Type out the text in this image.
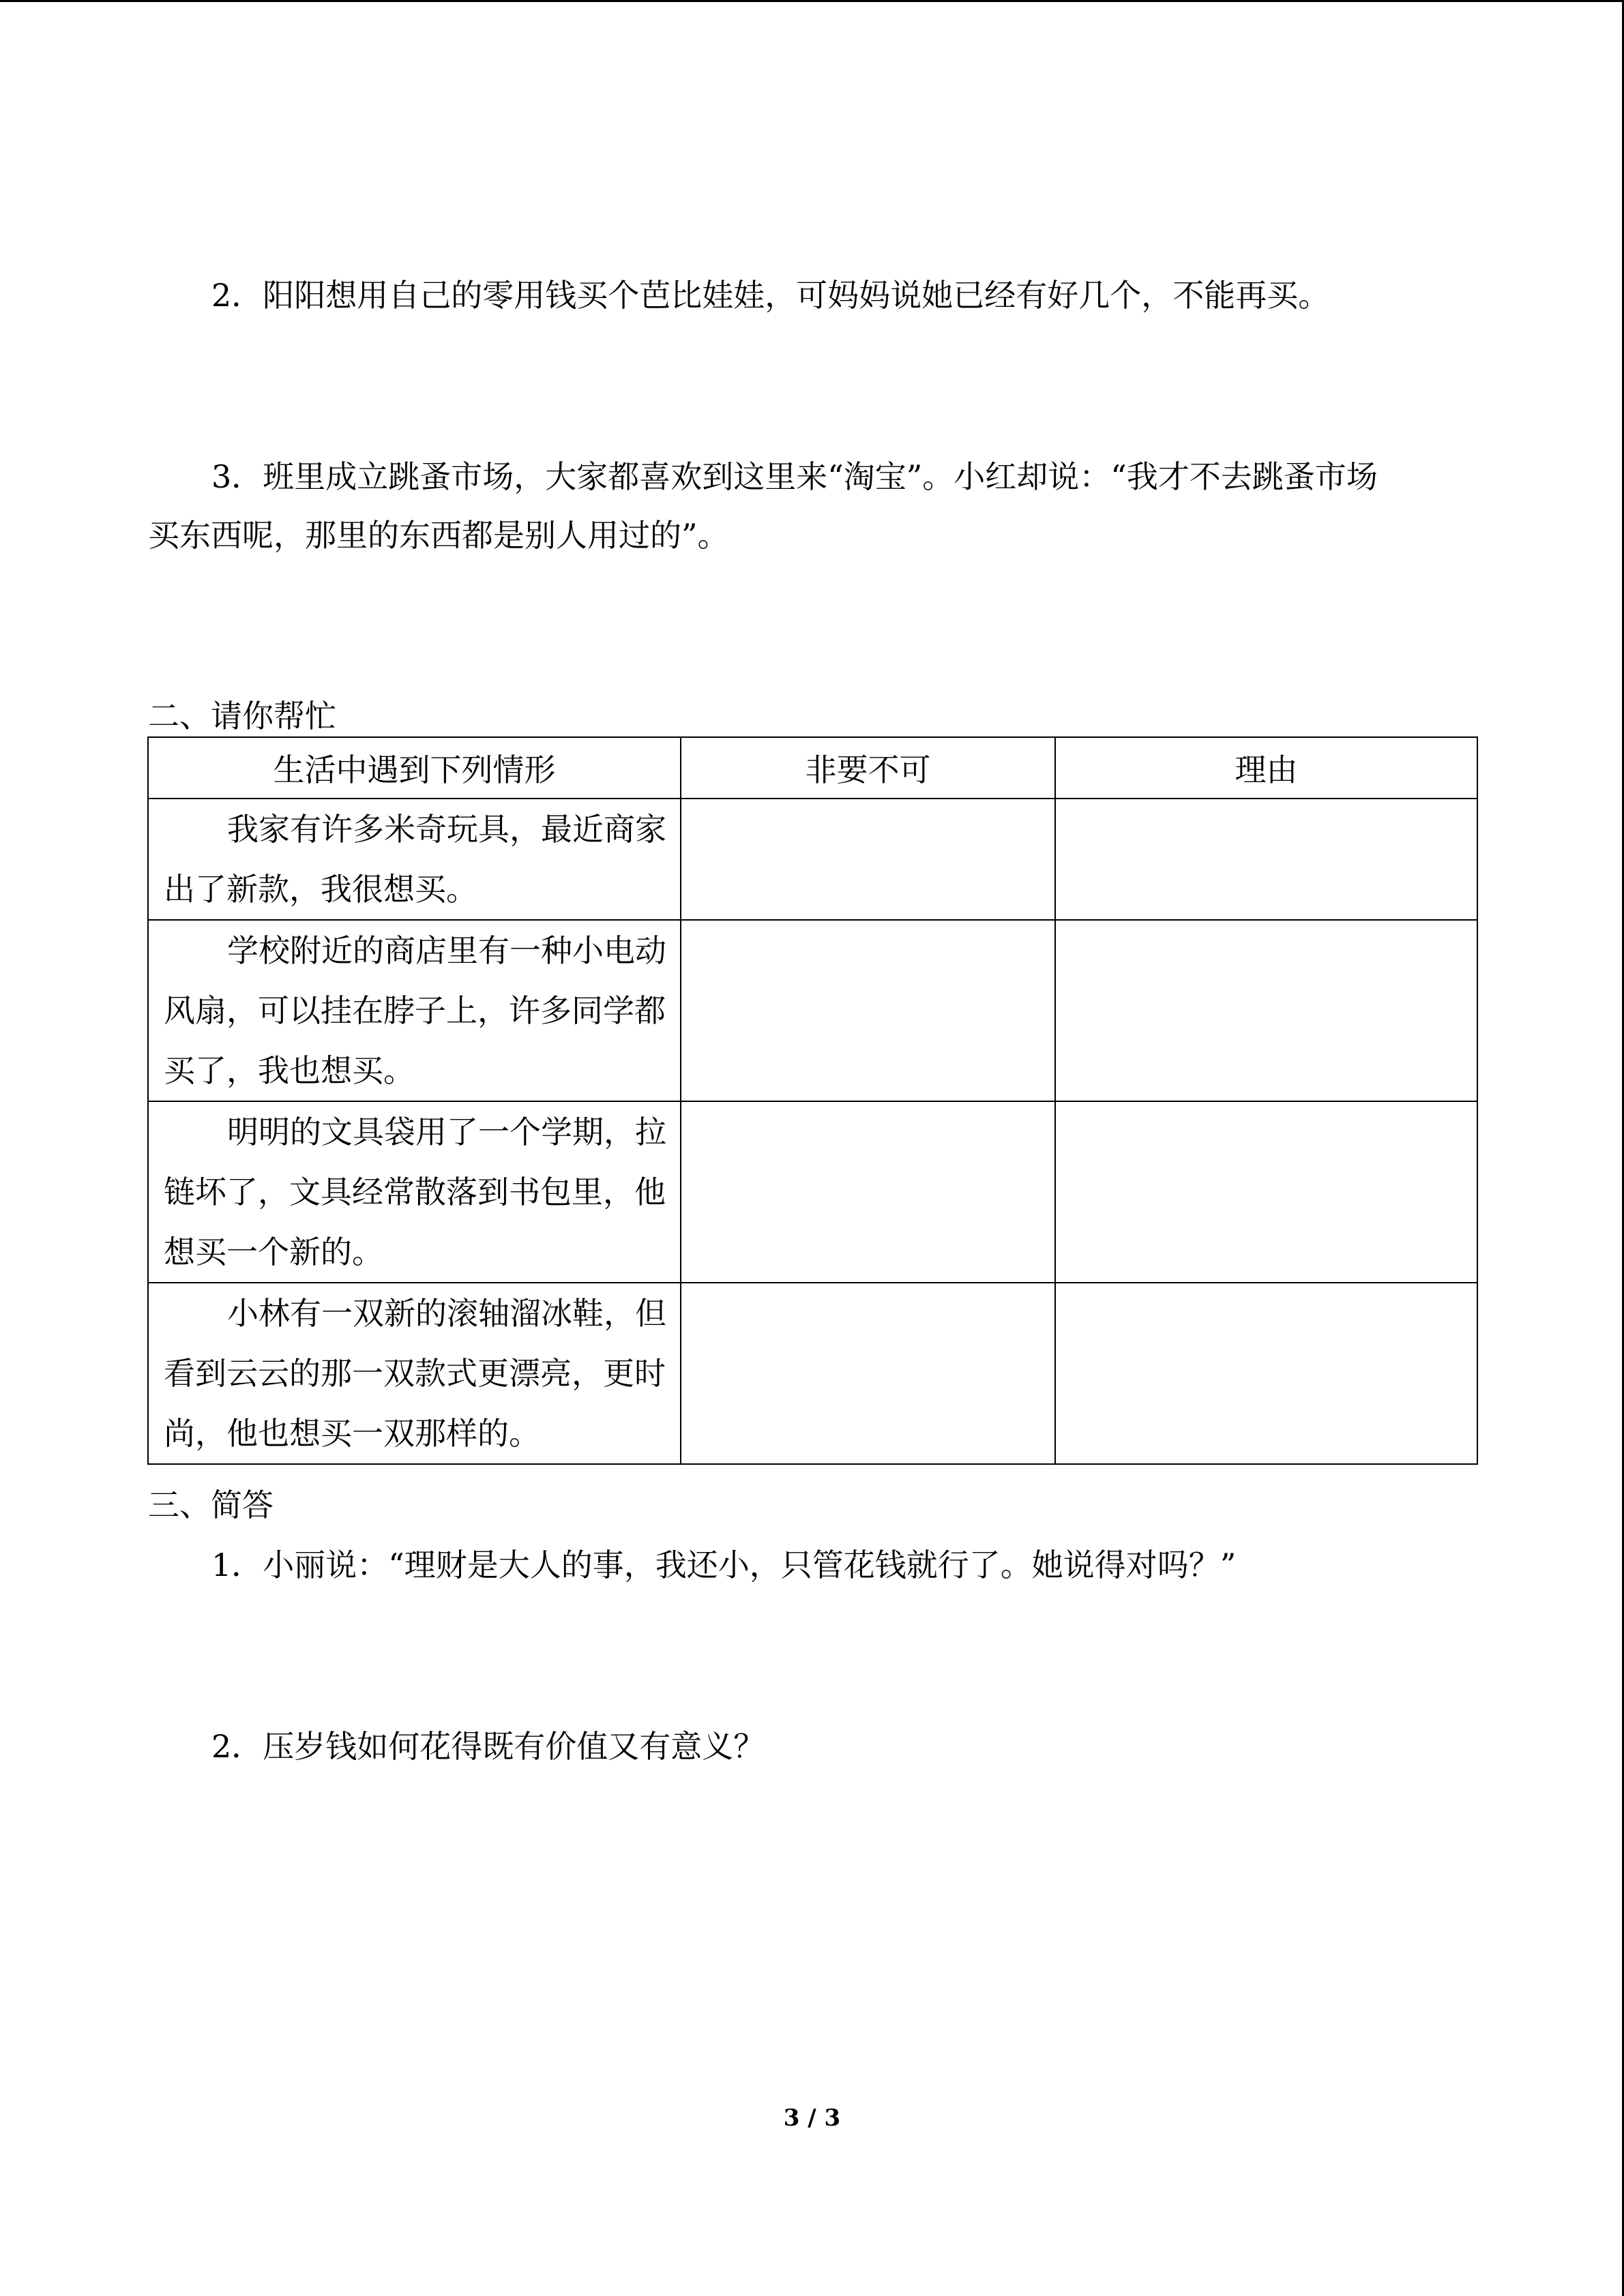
2．阳阳想用自己的零用钱买个芭比娃娃，可妈妈说她已经有好几个，不能再买。
3．班里成立跳蚤市场，大家都喜欢到这里来“淘宝”。小红却说：“我才不去跳蚤市场
买东西呢，那里的东西都是别人用过的”。
二、请你帮忙
生活中遇到下列情形	非要不可	理由

我家有许多米奇玩具，最近商家出了新款，我很想买。		

学校附近的商店里有一种小电动风扇，可以挂在脖子上，许多同学都买了，我也想买。		

明明的文具袋用了一个学期，拉链坏了，文具经常散落到书包里，他想买一个新的。		

小林有一双新的滚轴溜冰鞋，但看到云云的那一双款式更漂亮，更时尚，他也想买一双那样的。		

三、简答
1．小丽说：“理财是大人的事，我还小，只管花钱就行了。她说得对吗？”
2．压岁钱如何花得既有价值又有意义？
3 / 3
